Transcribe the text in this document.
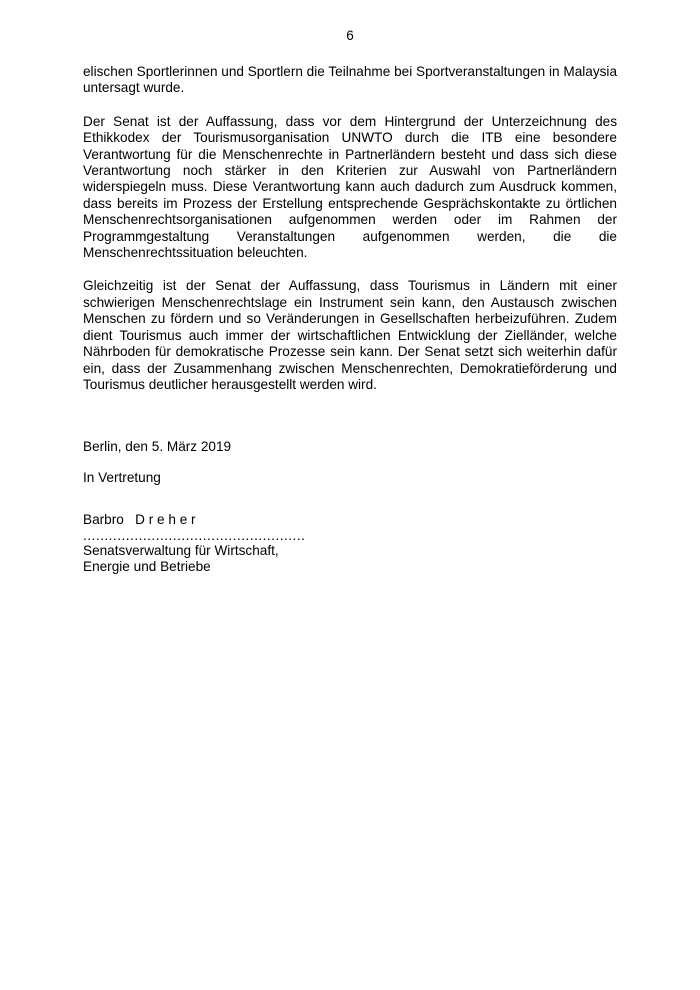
6

elischen Sportlerinnen und Sportlern die Teilnahme bei Sportveranstaltungen in Malaysia untersagt wurde.

Der Senat ist der Auffassung, dass vor dem Hintergrund der Unterzeichnung des Ethikkodex der Tourismusorganisation UNWTO durch die ITB eine besondere Verantwortung für die Menschenrechte in Partnerländern besteht und dass sich diese Verantwortung noch stärker in den Kriterien zur Auswahl von Partnerländern widerspiegeln muss. Diese Verantwortung kann auch dadurch zum Ausdruck kommen, dass bereits im Prozess der Erstellung entsprechende Gesprächskontakte zu örtlichen Menschenrechtsorganisationen aufgenommen werden oder im Rahmen der Programmgestaltung Veranstaltungen aufgenommen werden, die die Menschenrechtssituation beleuchten.

Gleichzeitig ist der Senat der Auffassung, dass Tourismus in Ländern mit einer schwierigen Menschenrechtslage ein Instrument sein kann, den Austausch zwischen Menschen zu fördern und so Veränderungen in Gesellschaften herbeizuführen. Zudem dient Tourismus auch immer der wirtschaftlichen Entwicklung der Zielländer, welche Nährboden für demokratische Prozesse sein kann. Der Senat setzt sich weiterhin dafür ein, dass der Zusammenhang zwischen Menschenrechten, Demokratieförderung und Tourismus deutlicher herausgestellt werden wird.

Berlin, den 5. März 2019
In Vertretung
Barbro   D r e h e r
....................................................
Senatsverwaltung für Wirtschaft,
Energie und Betriebe
